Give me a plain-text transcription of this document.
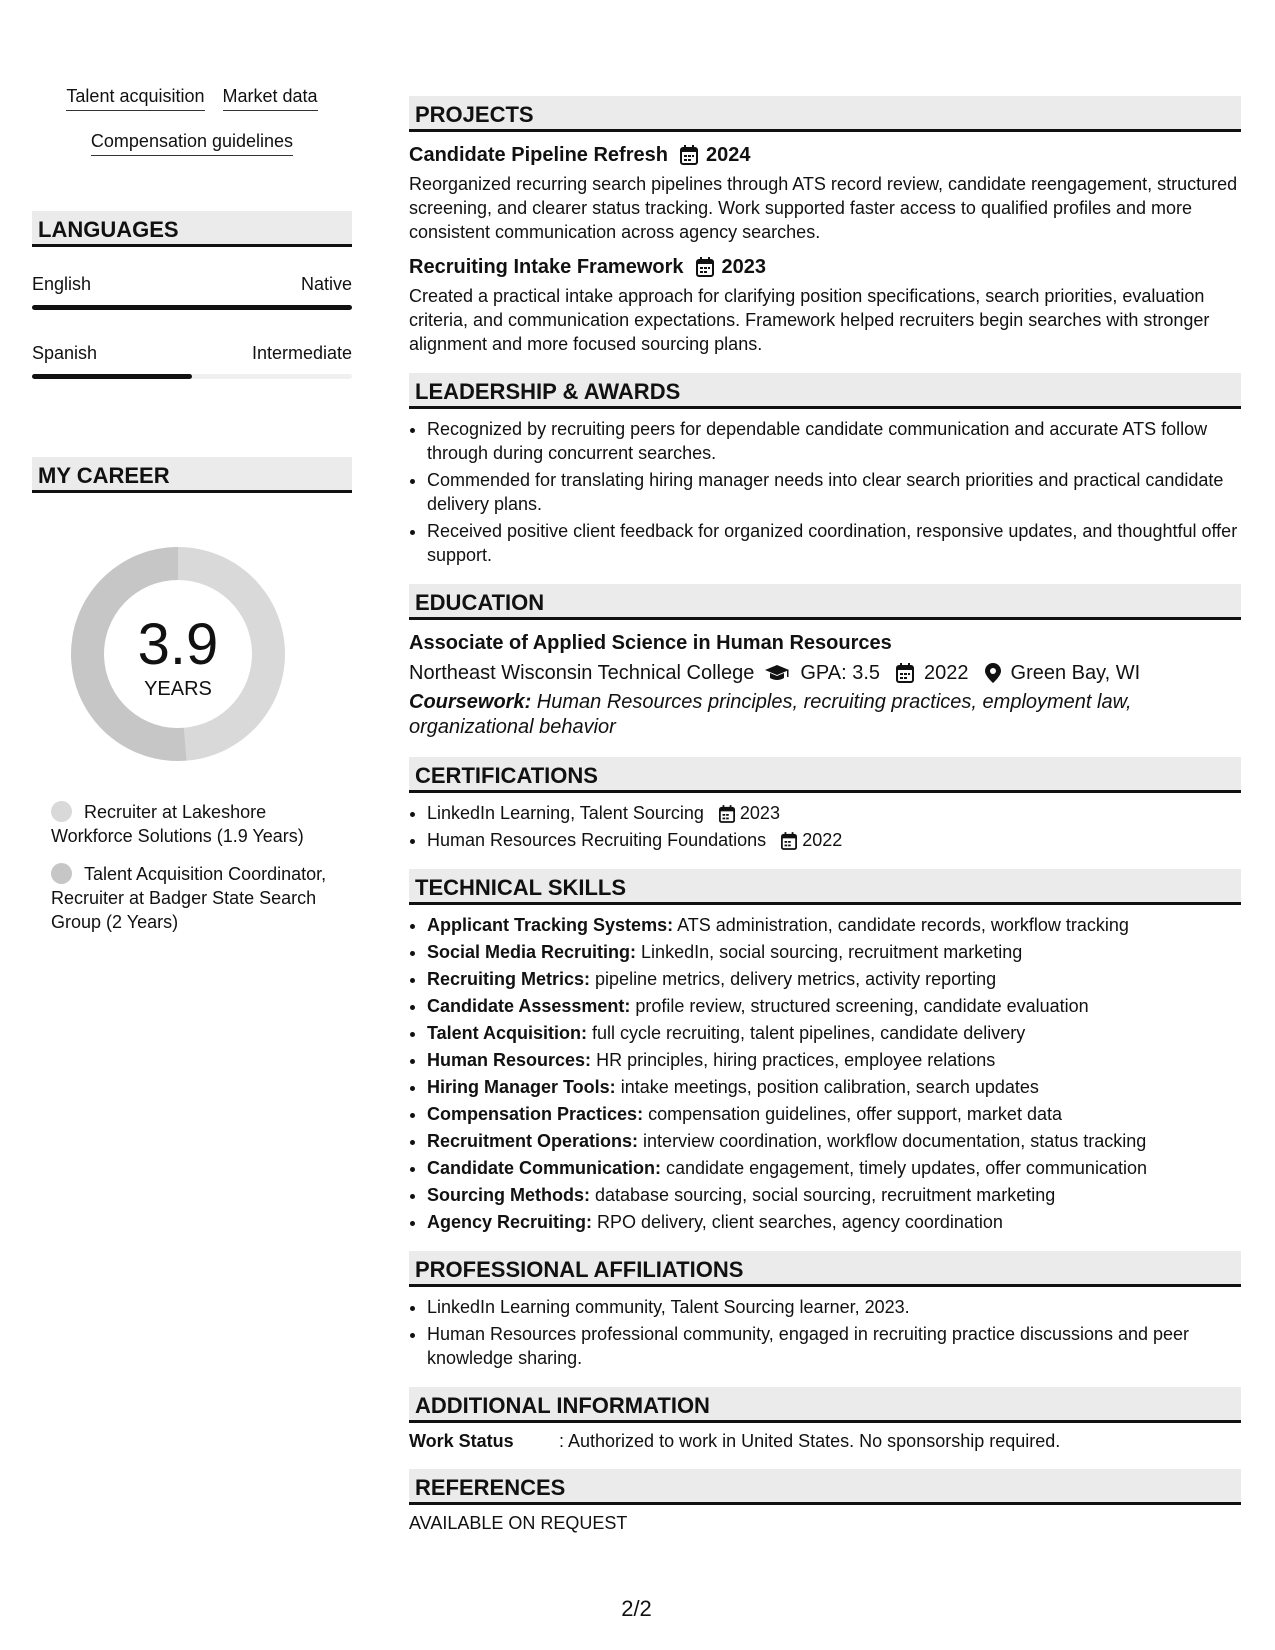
Talent acquisition Market data
Compensation guidelines
LANGUAGES
English	Native
Spanish	Intermediate
MY CAREER
3.9
YEARS
Recruiter at Lakeshore Workforce Solutions (1.9 Years)
Talent Acquisition Coordinator, Recruiter at Badger State Search Group (2 Years)
PROJECTS
Candidate Pipeline Refresh 2024
Reorganized recurring search pipelines through ATS record review, candidate reengagement, structured screening, and clearer status tracking. Work supported faster access to qualified profiles and more consistent communication across agency searches.
Recruiting Intake Framework 2023
Created a practical intake approach for clarifying position specifications, search priorities, evaluation criteria, and communication expectations. Framework helped recruiters begin searches with stronger alignment and more focused sourcing plans.
LEADERSHIP & AWARDS
• Recognized by recruiting peers for dependable candidate communication and accurate ATS follow through during concurrent searches.
• Commended for translating hiring manager needs into clear search priorities and practical candidate delivery plans.
• Received positive client feedback for organized coordination, responsive updates, and thoughtful offer support.
EDUCATION
Associate of Applied Science in Human Resources
Northeast Wisconsin Technical College GPA: 3.5 2022 Green Bay, WI
Coursework: Human Resources principles, recruiting practices, employment law, organizational behavior
CERTIFICATIONS
• LinkedIn Learning, Talent Sourcing 2023
• Human Resources Recruiting Foundations 2022
TECHNICAL SKILLS
• Applicant Tracking Systems: ATS administration, candidate records, workflow tracking
• Social Media Recruiting: LinkedIn, social sourcing, recruitment marketing
• Recruiting Metrics: pipeline metrics, delivery metrics, activity reporting
• Candidate Assessment: profile review, structured screening, candidate evaluation
• Talent Acquisition: full cycle recruiting, talent pipelines, candidate delivery
• Human Resources: HR principles, hiring practices, employee relations
• Hiring Manager Tools: intake meetings, position calibration, search updates
• Compensation Practices: compensation guidelines, offer support, market data
• Recruitment Operations: interview coordination, workflow documentation, status tracking
• Candidate Communication: candidate engagement, timely updates, offer communication
• Sourcing Methods: database sourcing, social sourcing, recruitment marketing
• Agency Recruiting: RPO delivery, client searches, agency coordination
PROFESSIONAL AFFILIATIONS
• LinkedIn Learning community, Talent Sourcing learner, 2023.
• Human Resources professional community, engaged in recruiting practice discussions and peer knowledge sharing.
ADDITIONAL INFORMATION
Work Status	: Authorized to work in United States. No sponsorship required.
REFERENCES
AVAILABLE ON REQUEST
2/2
